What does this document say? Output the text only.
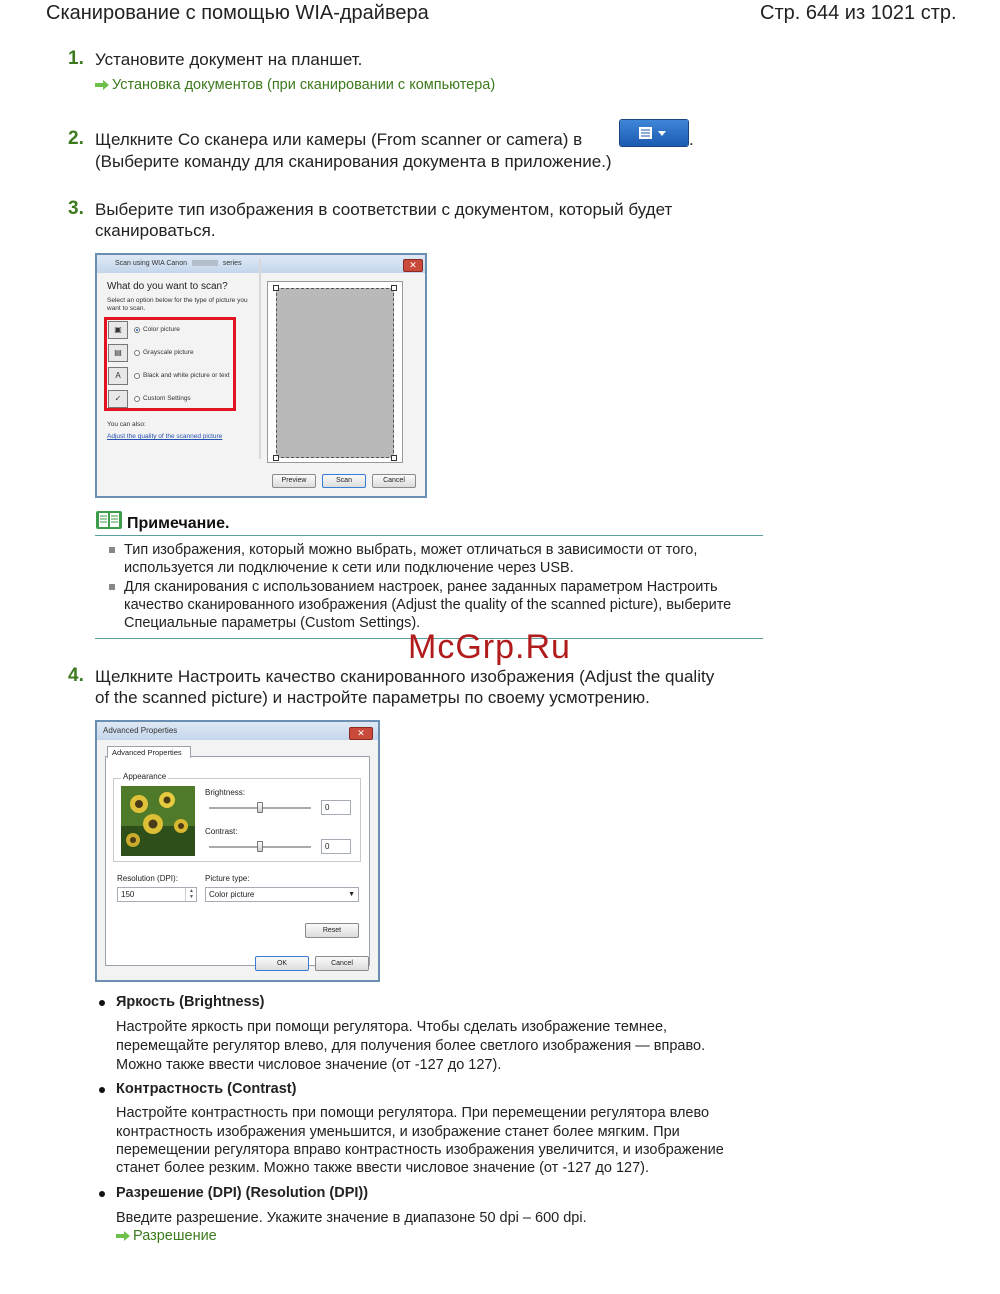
Сканирование с помощью WIA-драйвера	Стр. 644 из 1021 стр.
1. Установите документ на планшет.
Установка документов (при сканировании с компьютера)
2. Щелкните Со сканера или камеры (From scanner or camera) в	.
(Выберите команду для сканирования документа в приложение.)
3. Выберите тип изображения в соответствии с документом, который будет
сканироваться.
Scan using WIA Canon	series	✕
What do you want to scan?
Select an option below for the type of picture you
want to scan.
▣	Color picture
▤	Grayscale picture
A	Black and white picture or text
✓	Custom Settings
You can also:
Adjust the quality of the scanned picture
Preview	Scan	Cancel
Примечание.
Тип изображения, который можно выбрать, может отличаться в зависимости от того,
используется ли подключение к сети или подключение через USB.
Для сканирования с использованием настроек, ранее заданных параметром Настроить
качество сканированного изображения (Adjust the quality of the scanned picture), выберите
Специальные параметры (Custom Settings).
McGrp.Ru
4. Щелкните Настроить качество сканированного изображения (Adjust the quality
of the scanned picture) и настройте параметры по своему усмотрению.
Advanced Properties	✕
Advanced Properties
Appearance
Brightness:
0
Contrast:
0
Resolution (DPI):
150	▲
▼
Picture type:
Color picture	▼
Reset
OK	Cancel
Яркость (Brightness)
Настройте яркость при помощи регулятора. Чтобы сделать изображение темнее,
перемещайте регулятор влево, для получения более светлого изображения — вправо.
Можно также ввести числовое значение (от -127 до 127).
Контрастность (Contrast)
Настройте контрастность при помощи регулятора. При перемещении регулятора влево
контрастность изображения уменьшится, и изображение станет более мягким. При
перемещении регулятора вправо контрастность изображения увеличится, и изображение
станет более резким. Можно также ввести числовое значение (от -127 до 127).
Разрешение (DPI) (Resolution (DPI))
Введите разрешение. Укажите значение в диапазоне 50 dpi – 600 dpi.
Разрешение
